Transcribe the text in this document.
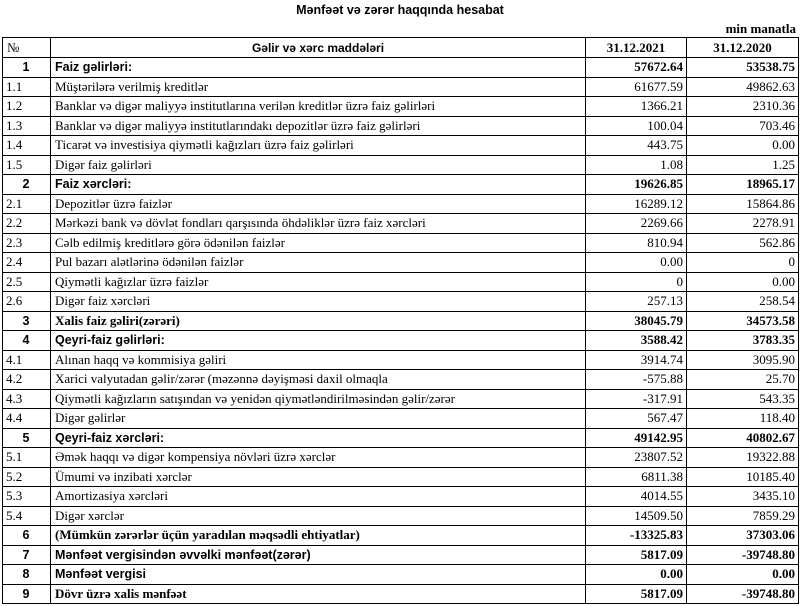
Mənfəət və zərər haqqında hesabat
min manatla
№	Gəlir və xərc maddələri	31.12.2021	31.12.2020
1	Faiz gəlirləri:	57672.64	53538.75
1.1	Müştərilərə verilmiş kreditlər	61677.59	49862.63
1.2	Banklar və digər maliyyə institutlarına verilən kreditlər üzrə faiz gəlirləri	1366.21	2310.36
1.3	Banklar və digər maliyyə institutlarındakı depozitlər üzrə faiz gəlirləri	100.04	703.46
1.4	Ticarət və investisiya qiymətli kağızları üzrə faiz gəlirləri	443.75	0.00
1.5	Digər faiz gəlirləri	1.08	1.25
2	Faiz xərcləri:	19626.85	18965.17
2.1	Depozitlər üzrə faizlər	16289.12	15864.86
2.2	Mərkəzi bank və dövlət fondları qarşısında öhdəliklər üzrə faiz xərcləri	2269.66	2278.91
2.3	Cəlb edilmiş kreditlərə görə ödənilən faizlər	810.94	562.86
2.4	Pul bazarı alətlərinə ödənilən faizlər	0.00	0
2.5	Qiymətli kağızlar üzrə faizlər	0	0.00
2.6	Digər faiz xərcləri	257.13	258.54
3	Xalis faiz gəliri(zərəri)	38045.79	34573.58
4	Qeyri-faiz gəlirləri:	3588.42	3783.35
4.1	Alınan haqq və kommisiya gəliri	3914.74	3095.90
4.2	Xarici valyutadan gəlir/zərər (məzənnə dəyişməsi daxil olmaqla	-575.88	25.70
4.3	Qiymətli kağızların satışından və yenidən qiymətləndirilməsindən gəlir/zərər	-317.91	543.35
4.4	Digər gəlirlər	567.47	118.40
5	Qeyri-faiz xərcləri:	49142.95	40802.67
5.1	Əmək haqqı və digər kompensiya növləri üzrə xərclər	23807.52	19322.88
5.2	Ümumi və inzibati xərclər	6811.38	10185.40
5.3	Amortizasiya xərcləri	4014.55	3435.10
5.4	Digər xərclər	14509.50	7859.29
6	(Mümkün zərərlər üçün yaradılan məqsədli ehtiyatlar)	-13325.83	37303.06
7	Mənfəət vergisindən əvvəlki mənfəət(zərər)	5817.09	-39748.80
8	Mənfəət vergisi	0.00	0.00
9	Dövr üzrə xalis mənfəət	5817.09	-39748.80
